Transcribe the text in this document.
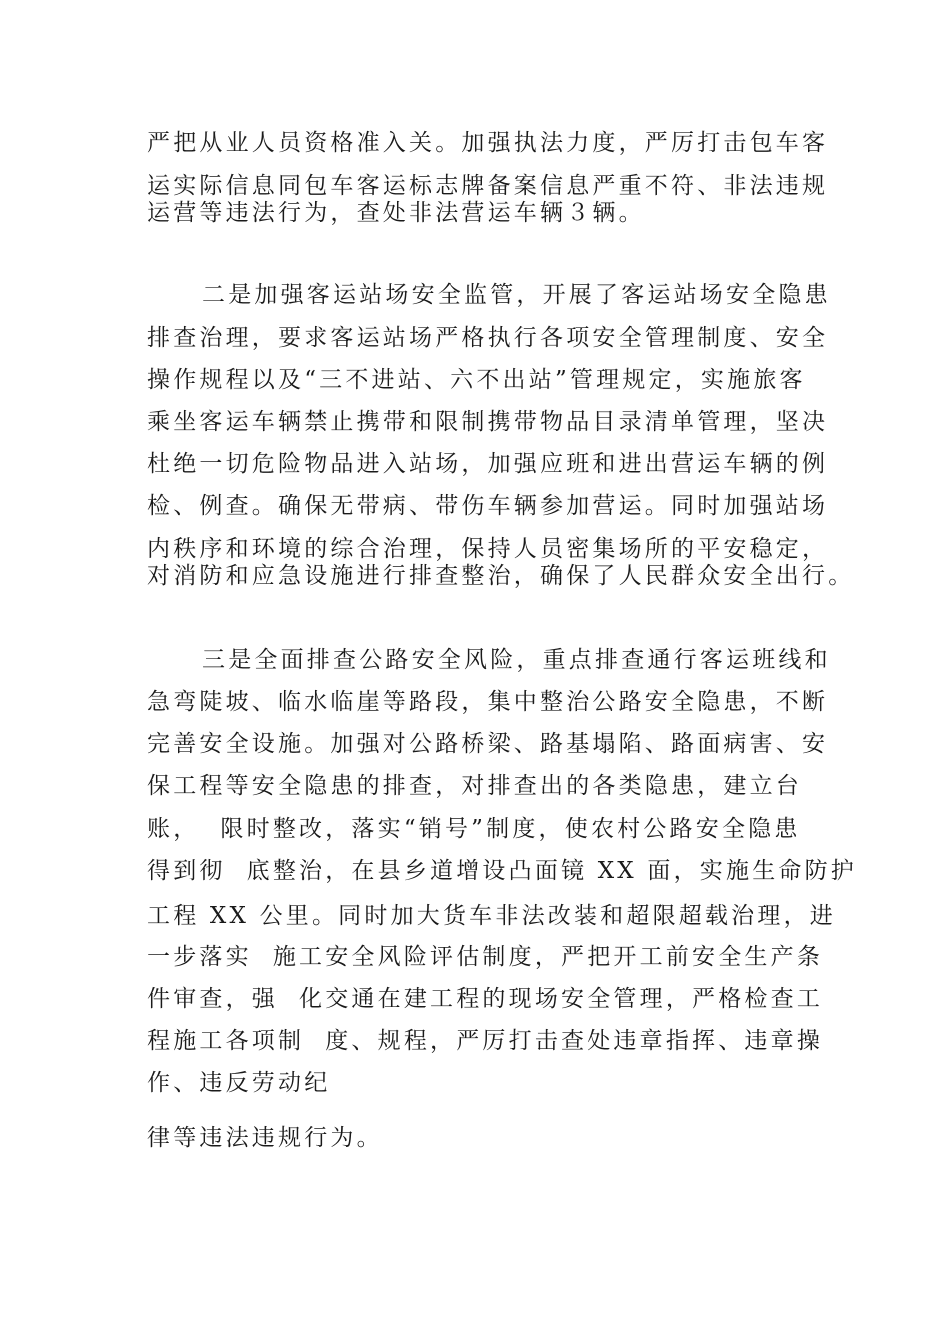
严把从业人员资格准入关。加强执法力度，严厉打击包车客

运实际信息同包车客运标志牌备案信息严重不符、非法违规

运营等违法行为，查处非法营运车辆３辆。

二是加强客运站场安全监管，开展了客运站场安全隐患

排查治理，要求客运站场严格执行各项安全管理制度、安全

操作规程以及“三不进站、六不出站”管理规定，实施旅客

乘坐客运车辆禁止携带和限制携带物品目录清单管理，坚决

杜绝一切危险物品进入站场，加强应班和进出营运车辆的例

检、例查。确保无带病、带伤车辆参加营运。同时加强站场

内秩序和环境的综合治理，保持人员密集场所的平安稳定，

对消防和应急设施进行排查整治，确保了人民群众安全出行。

三是全面排查公路安全风险，重点排查通行客运班线和

急弯陡坡、临水临崖等路段，集中整治公路安全隐患，不断

完善安全设施。加强对公路桥梁、路基塌陷、路面病害、安

保工程等安全隐患的排查，对排查出的各类隐患，建立台

账，  限时整改，落实“销号”制度，使农村公路安全隐患

得到彻  底整治，在县乡道增设凸面镜 XX 面，实施生命防护

工程 XX 公里。同时加大货车非法改装和超限超载治理，进

一步落实  施工安全风险评估制度，严把开工前安全生产条

件审查，强  化交通在建工程的现场安全管理，严格检查工

程施工各项制  度、规程，严厉打击查处违章指挥、违章操

作、违反劳动纪

律等违法违规行为。
